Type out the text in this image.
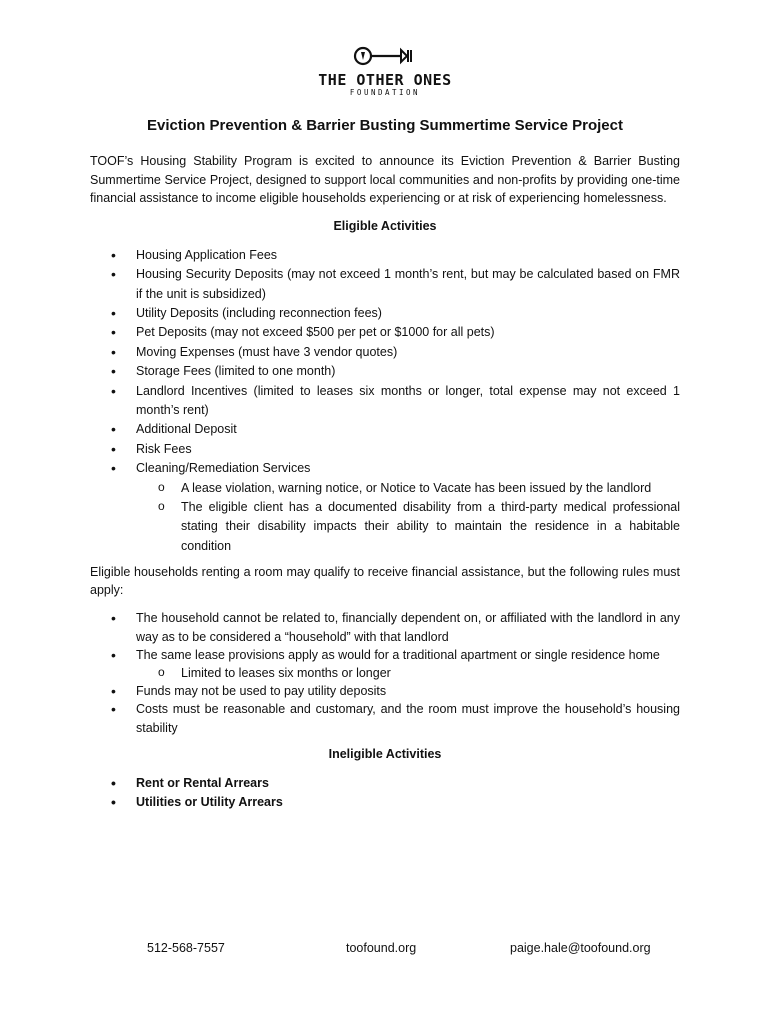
THE OTHER ONES
FOUNDATION
Eviction Prevention & Barrier Busting Summertime Service Project

TOOF’s Housing Stability Program is excited to announce its Eviction Prevention & Barrier Busting Summertime Service Project, designed to support local communities and non-profits by providing one-time financial assistance to income eligible households experiencing or at risk of experiencing homelessness.

Eligible Activities
• Housing Application Fees
• Housing Security Deposits (may not exceed 1 month’s rent, but may be calculated based on FMR if the unit is subsidized)
• Utility Deposits (including reconnection fees)
• Pet Deposits (may not exceed $500 per pet or $1000 for all pets)
• Moving Expenses (must have 3 vendor quotes)
• Storage Fees (limited to one month)
• Landlord Incentives (limited to leases six months or longer, total expense may not exceed 1 month’s rent)
• Additional Deposit
• Risk Fees
• Cleaning/Remediation Services
o A lease violation, warning notice, or Notice to Vacate has been issued by the landlord
o The eligible client has a documented disability from a third-party medical professional stating their disability impacts their ability to maintain the residence in a habitable condition

Eligible households renting a room may qualify to receive financial assistance, but the following rules must apply:

• The household cannot be related to, financially dependent on, or affiliated with the landlord in any way as to be considered a “household” with that landlord
• The same lease provisions apply as would for a traditional apartment or single residence home
o Limited to leases six months or longer
• Funds may not be used to pay utility deposits
• Costs must be reasonable and customary, and the room must improve the household’s housing stability
Ineligible Activities
• Rent or Rental Arrears
• Utilities or Utility Arrears
512-568-7557	toofound.org	paige.hale@toofound.org
